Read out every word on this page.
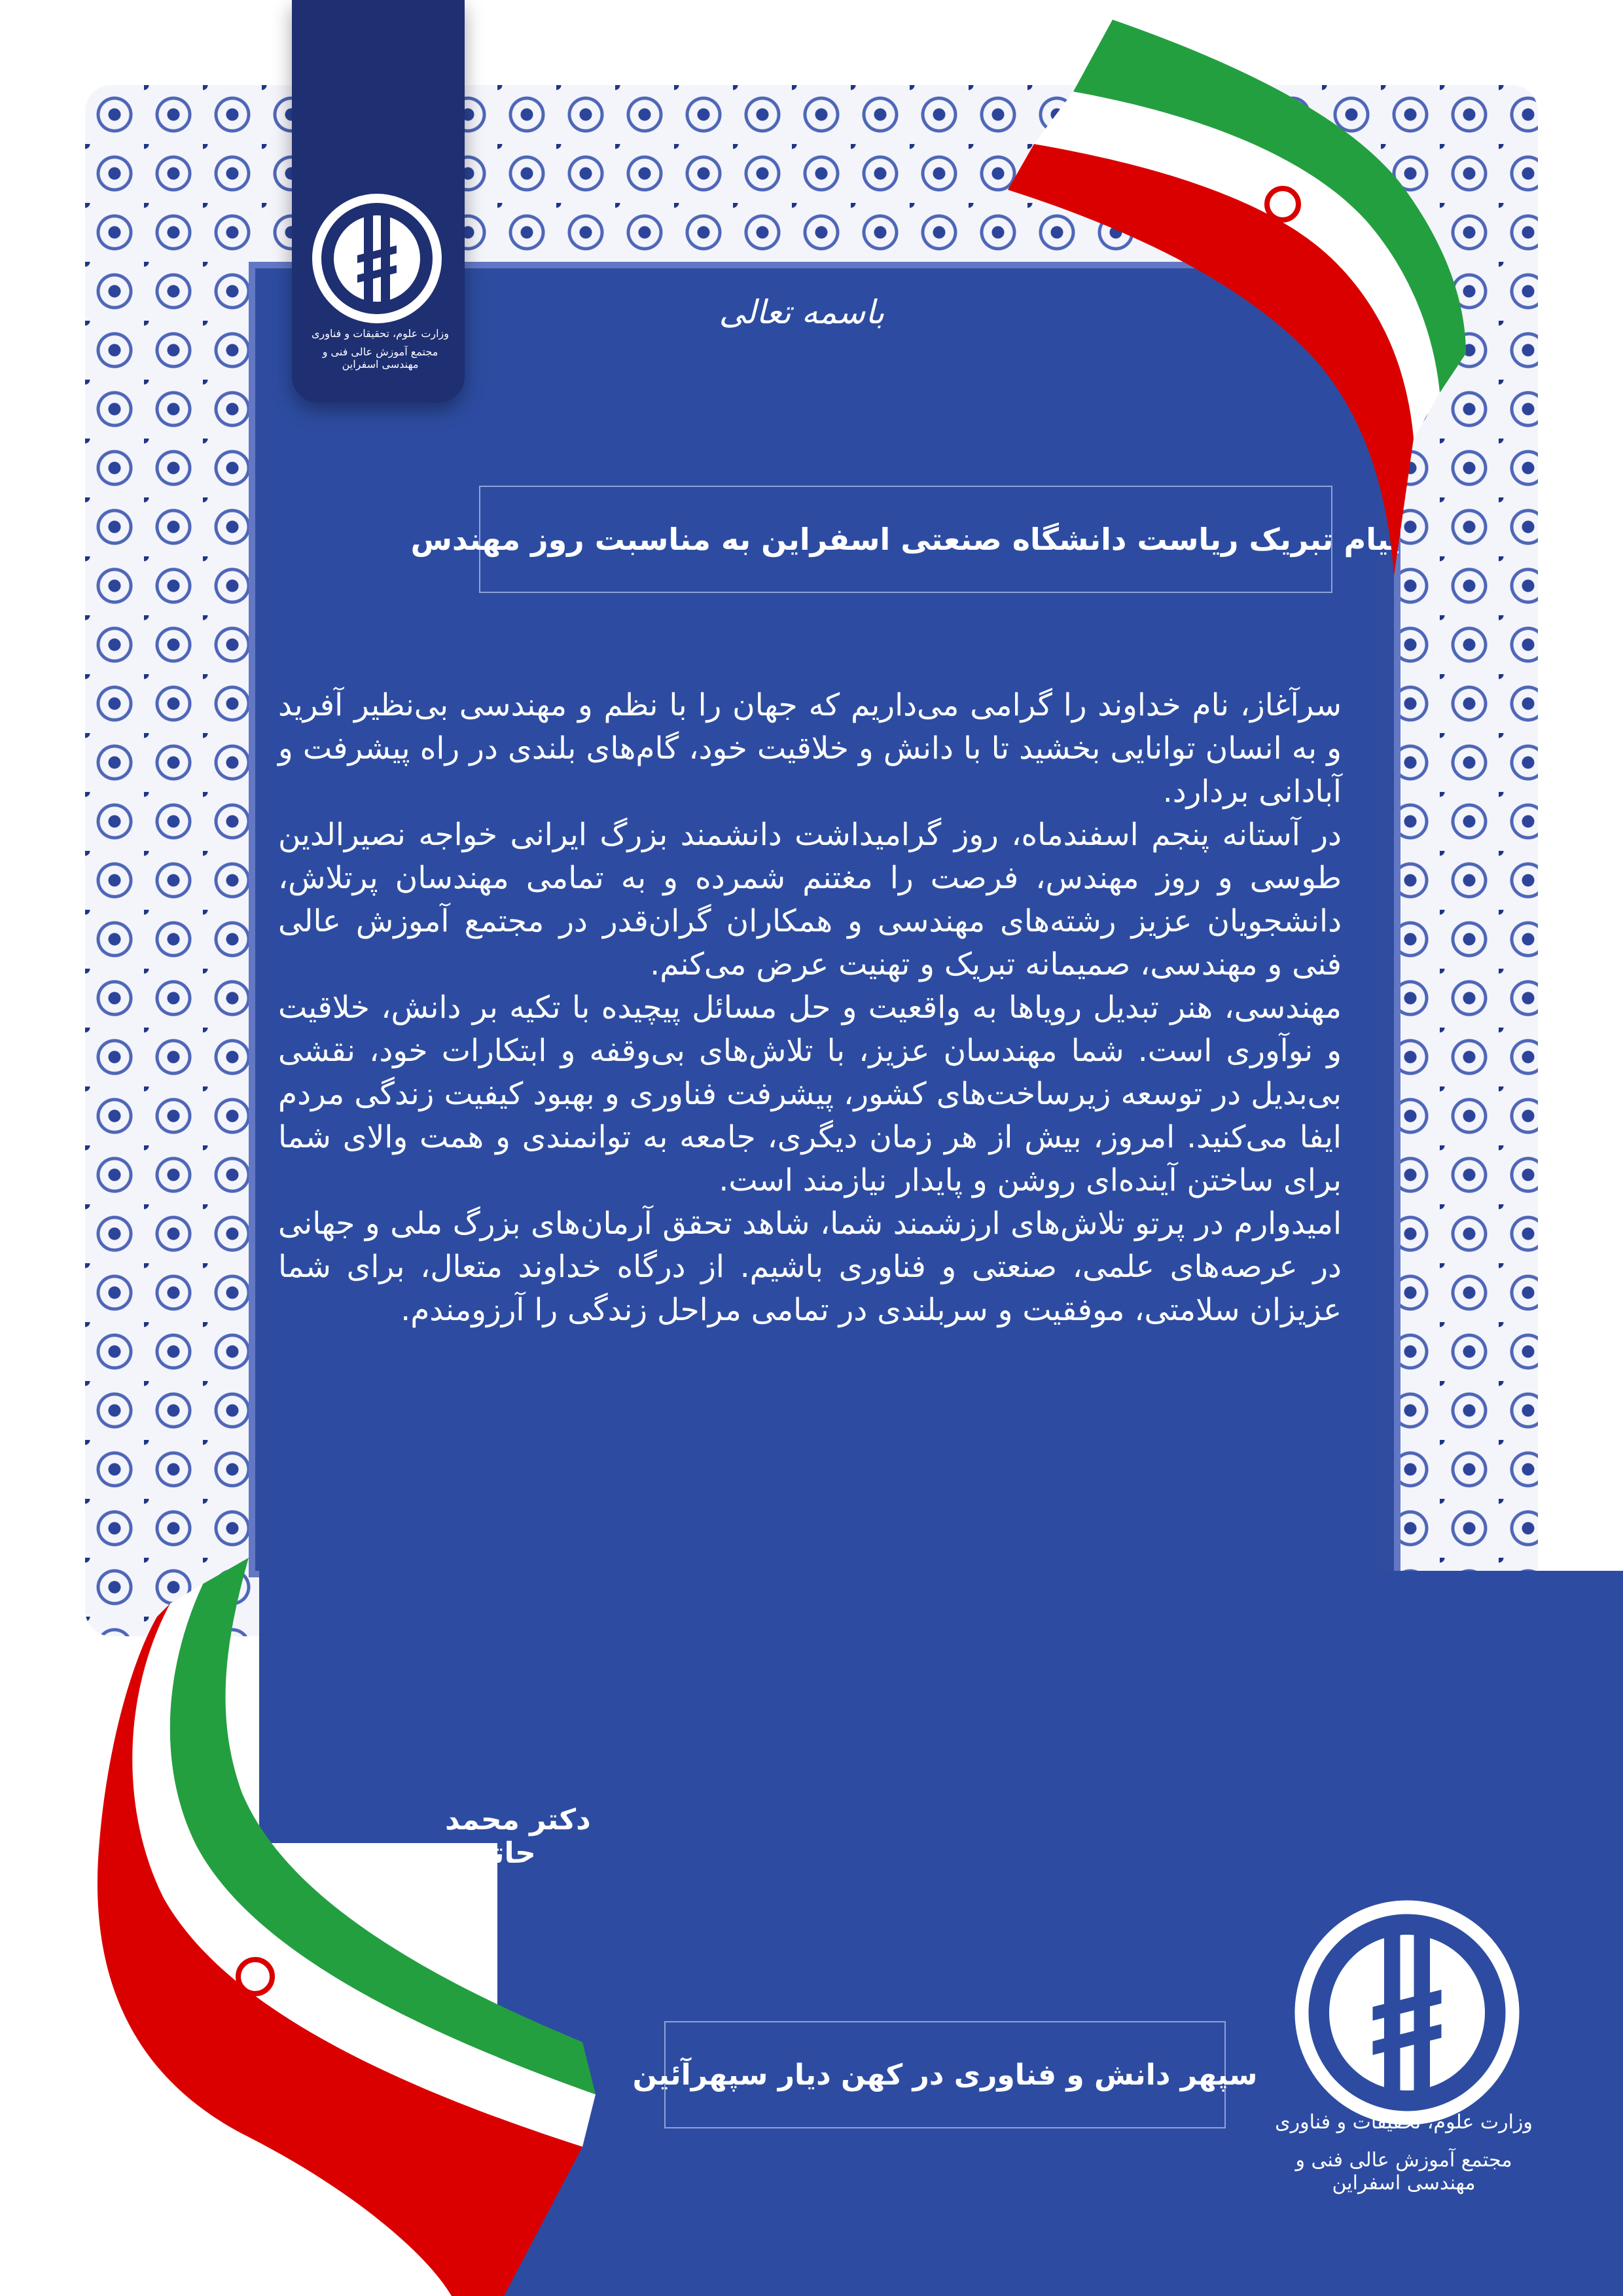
وزارت علوم، تحقیقات و فناوری
مجتمع آموزش عالی فنی و مهندسی اسفراین
باسمه تعالی
پیام تبریک ریاست دانشگاه صنعتی اسفراین به مناسبت روز مهندس

سرآغاز، نام خداوند را گرامی می‌داریم که جهان را با نظم و مهندسی بی‌نظیر آفرید و به انسان توانایی بخشید تا با دانش و خلاقیت خود، گام‌های بلندی در راه پیشرفت و آبادانی بردارد.

در آستانه پنجم اسفندماه، روز گرامیداشت دانشمند بزرگ ایرانی خواجه نصیرالدین طوسی و روز مهندس، فرصت را مغتنم شمرده و به تمامی مهندسان پرتلاش، دانشجویان عزیز رشته‌های مهندسی و همکاران گران‌قدر در مجتمع آموزش عالی فنی و مهندسی، صمیمانه تبریک و تهنیت عرض می‌کنم.

مهندسی، هنر تبدیل رویاها به واقعیت و حل مسائل پیچیده با تکیه بر دانش، خلاقیت و نوآوری است. شما مهندسان عزیز، با تلاش‌های بی‌وقفه و ابتکارات خود، نقشی بی‌بدیل در توسعه زیرساخت‌های کشور، پیشرفت فناوری و بهبود کیفیت زندگی مردم ایفا می‌کنید. امروز، بیش از هر زمان دیگری، جامعه به توانمندی و همت والای شما برای ساختن آینده‌ای روشن و پایدار نیازمند است.

امیدوارم در پرتو تلاش‌های ارزشمند شما، شاهد تحقق آرمان‌های بزرگ ملی و جهانی در عرصه‌های علمی، صنعتی و فناوری باشیم. از درگاه خداوند متعال، برای شما عزیزان سلامتی، موفقیت و سربلندی در تمامی مراحل زندگی را آرزومندم.

دکتر محمد حاتمی
سپهر دانش و فناوری در کهن دیار سپهرآئین
وزارت علوم، تحقیقات و فناوری
مجتمع آموزش عالی فنی و مهندسی اسفراین
